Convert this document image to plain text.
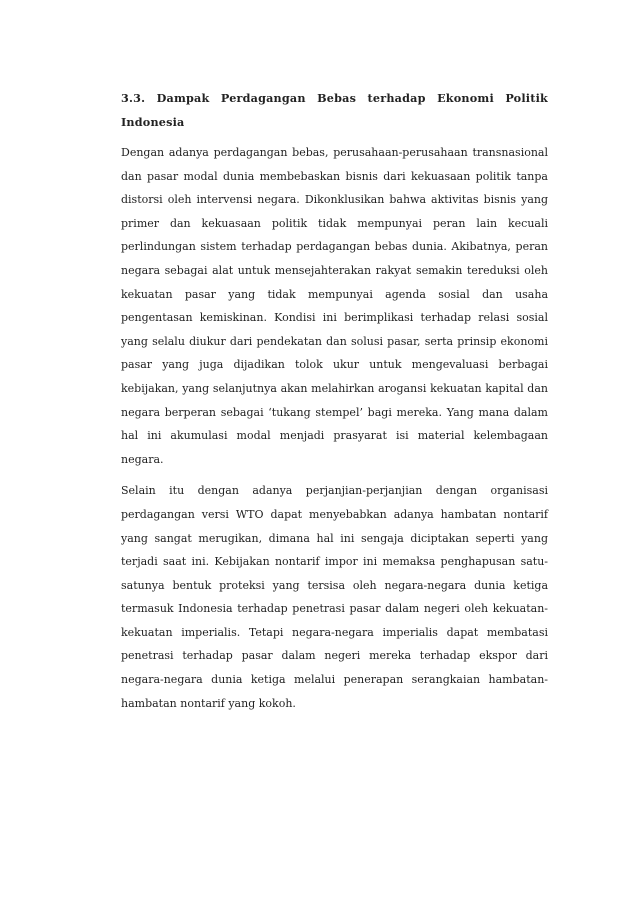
3.3. Dampak Perdagangan Bebas terhadap Ekonomi Politik Indonesia

Dengan adanya perdagangan bebas, perusahaan-perusahaan transnasional dan pasar modal dunia membebaskan bisnis dari kekuasaan politik tanpa distorsi oleh intervensi negara. Dikonklusikan bahwa aktivitas bisnis yang primer dan kekuasaan politik tidak mempunyai peran lain kecuali perlindungan sistem terhadap perdagangan bebas dunia. Akibatnya, peran negara sebagai alat untuk mensejahterakan rakyat semakin tereduksi oleh kekuatan pasar yang tidak mempunyai agenda sosial dan usaha pengentasan kemiskinan. Kondisi ini berimplikasi terhadap relasi sosial yang selalu diukur dari pendekatan dan solusi pasar, serta prinsip ekonomi pasar yang juga dijadikan tolok ukur untuk mengevaluasi berbagai kebijakan, yang selanjutnya akan melahirkan arogansi kekuatan kapital dan negara berperan sebagai ‘tukang stempel’ bagi mereka. Yang mana dalam hal ini akumulasi modal menjadi prasyarat isi material kelembagaan negara.

Selain itu dengan adanya perjanjian-perjanjian dengan organisasi perdagangan versi WTO dapat menyebabkan adanya hambatan nontarif yang sangat merugikan, dimana hal ini sengaja diciptakan seperti yang terjadi saat ini. Kebijakan nontarif impor ini memaksa penghapusan satu-satunya bentuk proteksi yang tersisa oleh negara-negara dunia ketiga termasuk Indonesia terhadap penetrasi pasar dalam negeri oleh kekuatan-kekuatan imperialis. Tetapi negara-negara imperialis dapat membatasi penetrasi terhadap pasar dalam negeri mereka terhadap ekspor dari negara-negara dunia ketiga melalui penerapan serangkaian hambatan-hambatan nontarif yang kokoh.
